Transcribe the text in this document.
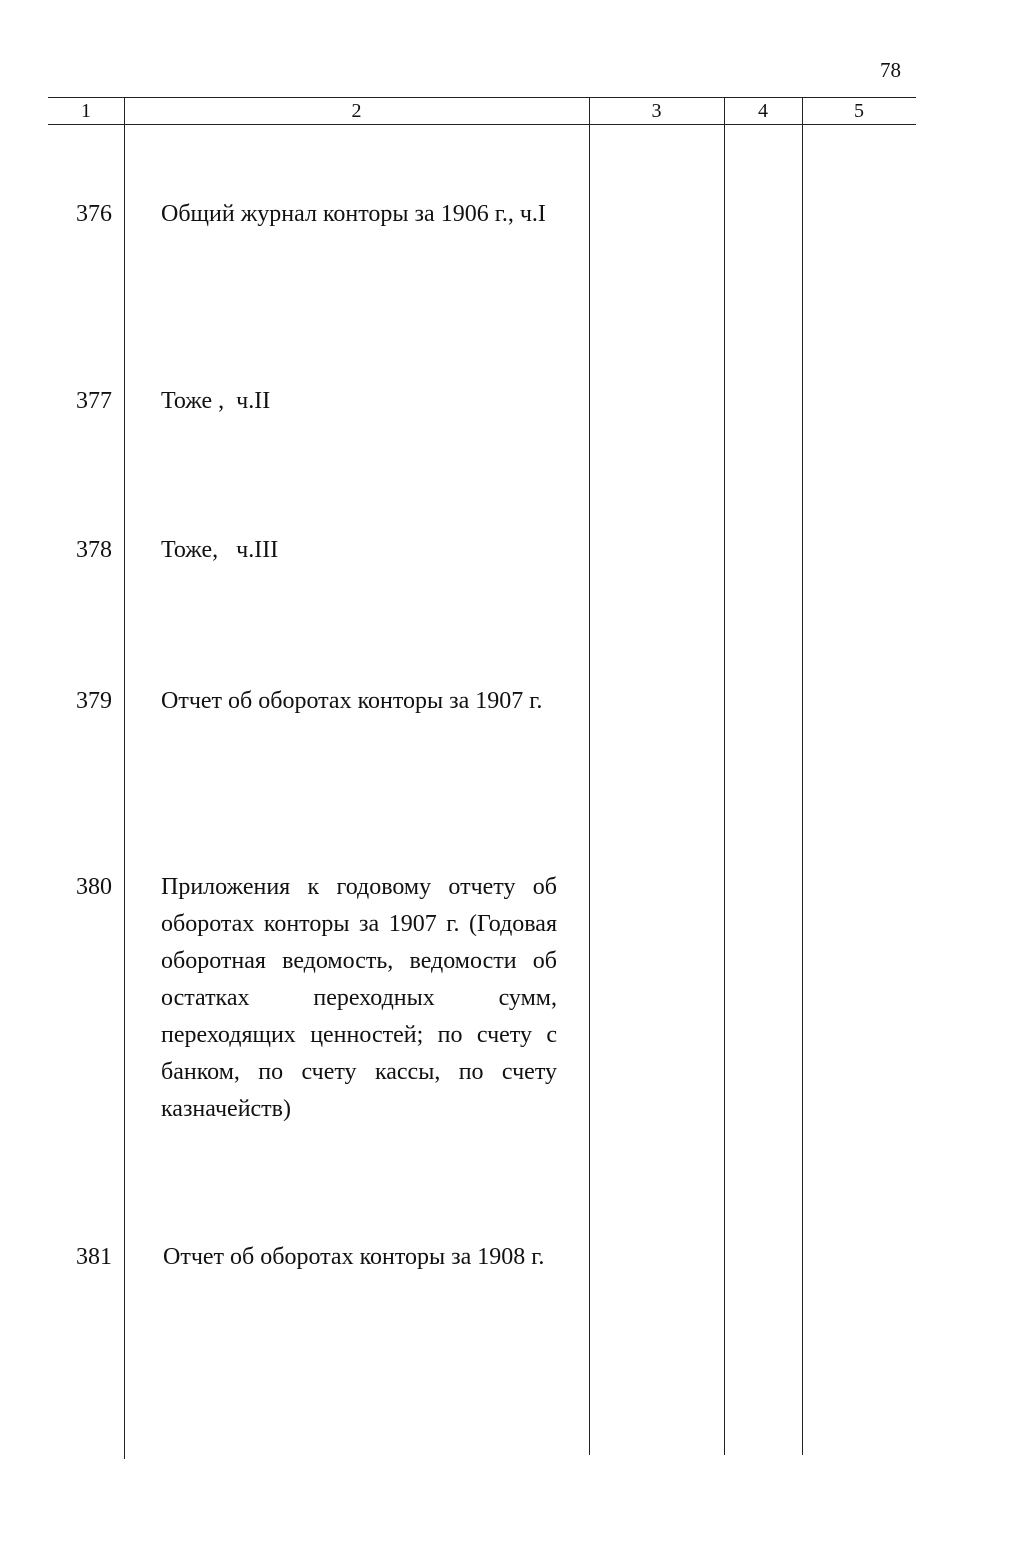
78
1	2	3	4	5
376 Общий журнал конторы за 1906 г., ч.I
377 Тоже ,  ч.II
378 Тоже,   ч.III
379 Отчет об оборотах конторы за 1907 г.
380 Приложения к годовому отчету об оборотах конторы за 1907 г. (Годовая оборотная ведомость, ведомости об остатках переходных сумм, переходящих ценностей; по счету с банком, по счету кассы, по счету казначейств)
381 Отчет об оборотах конторы за 1908 г.
